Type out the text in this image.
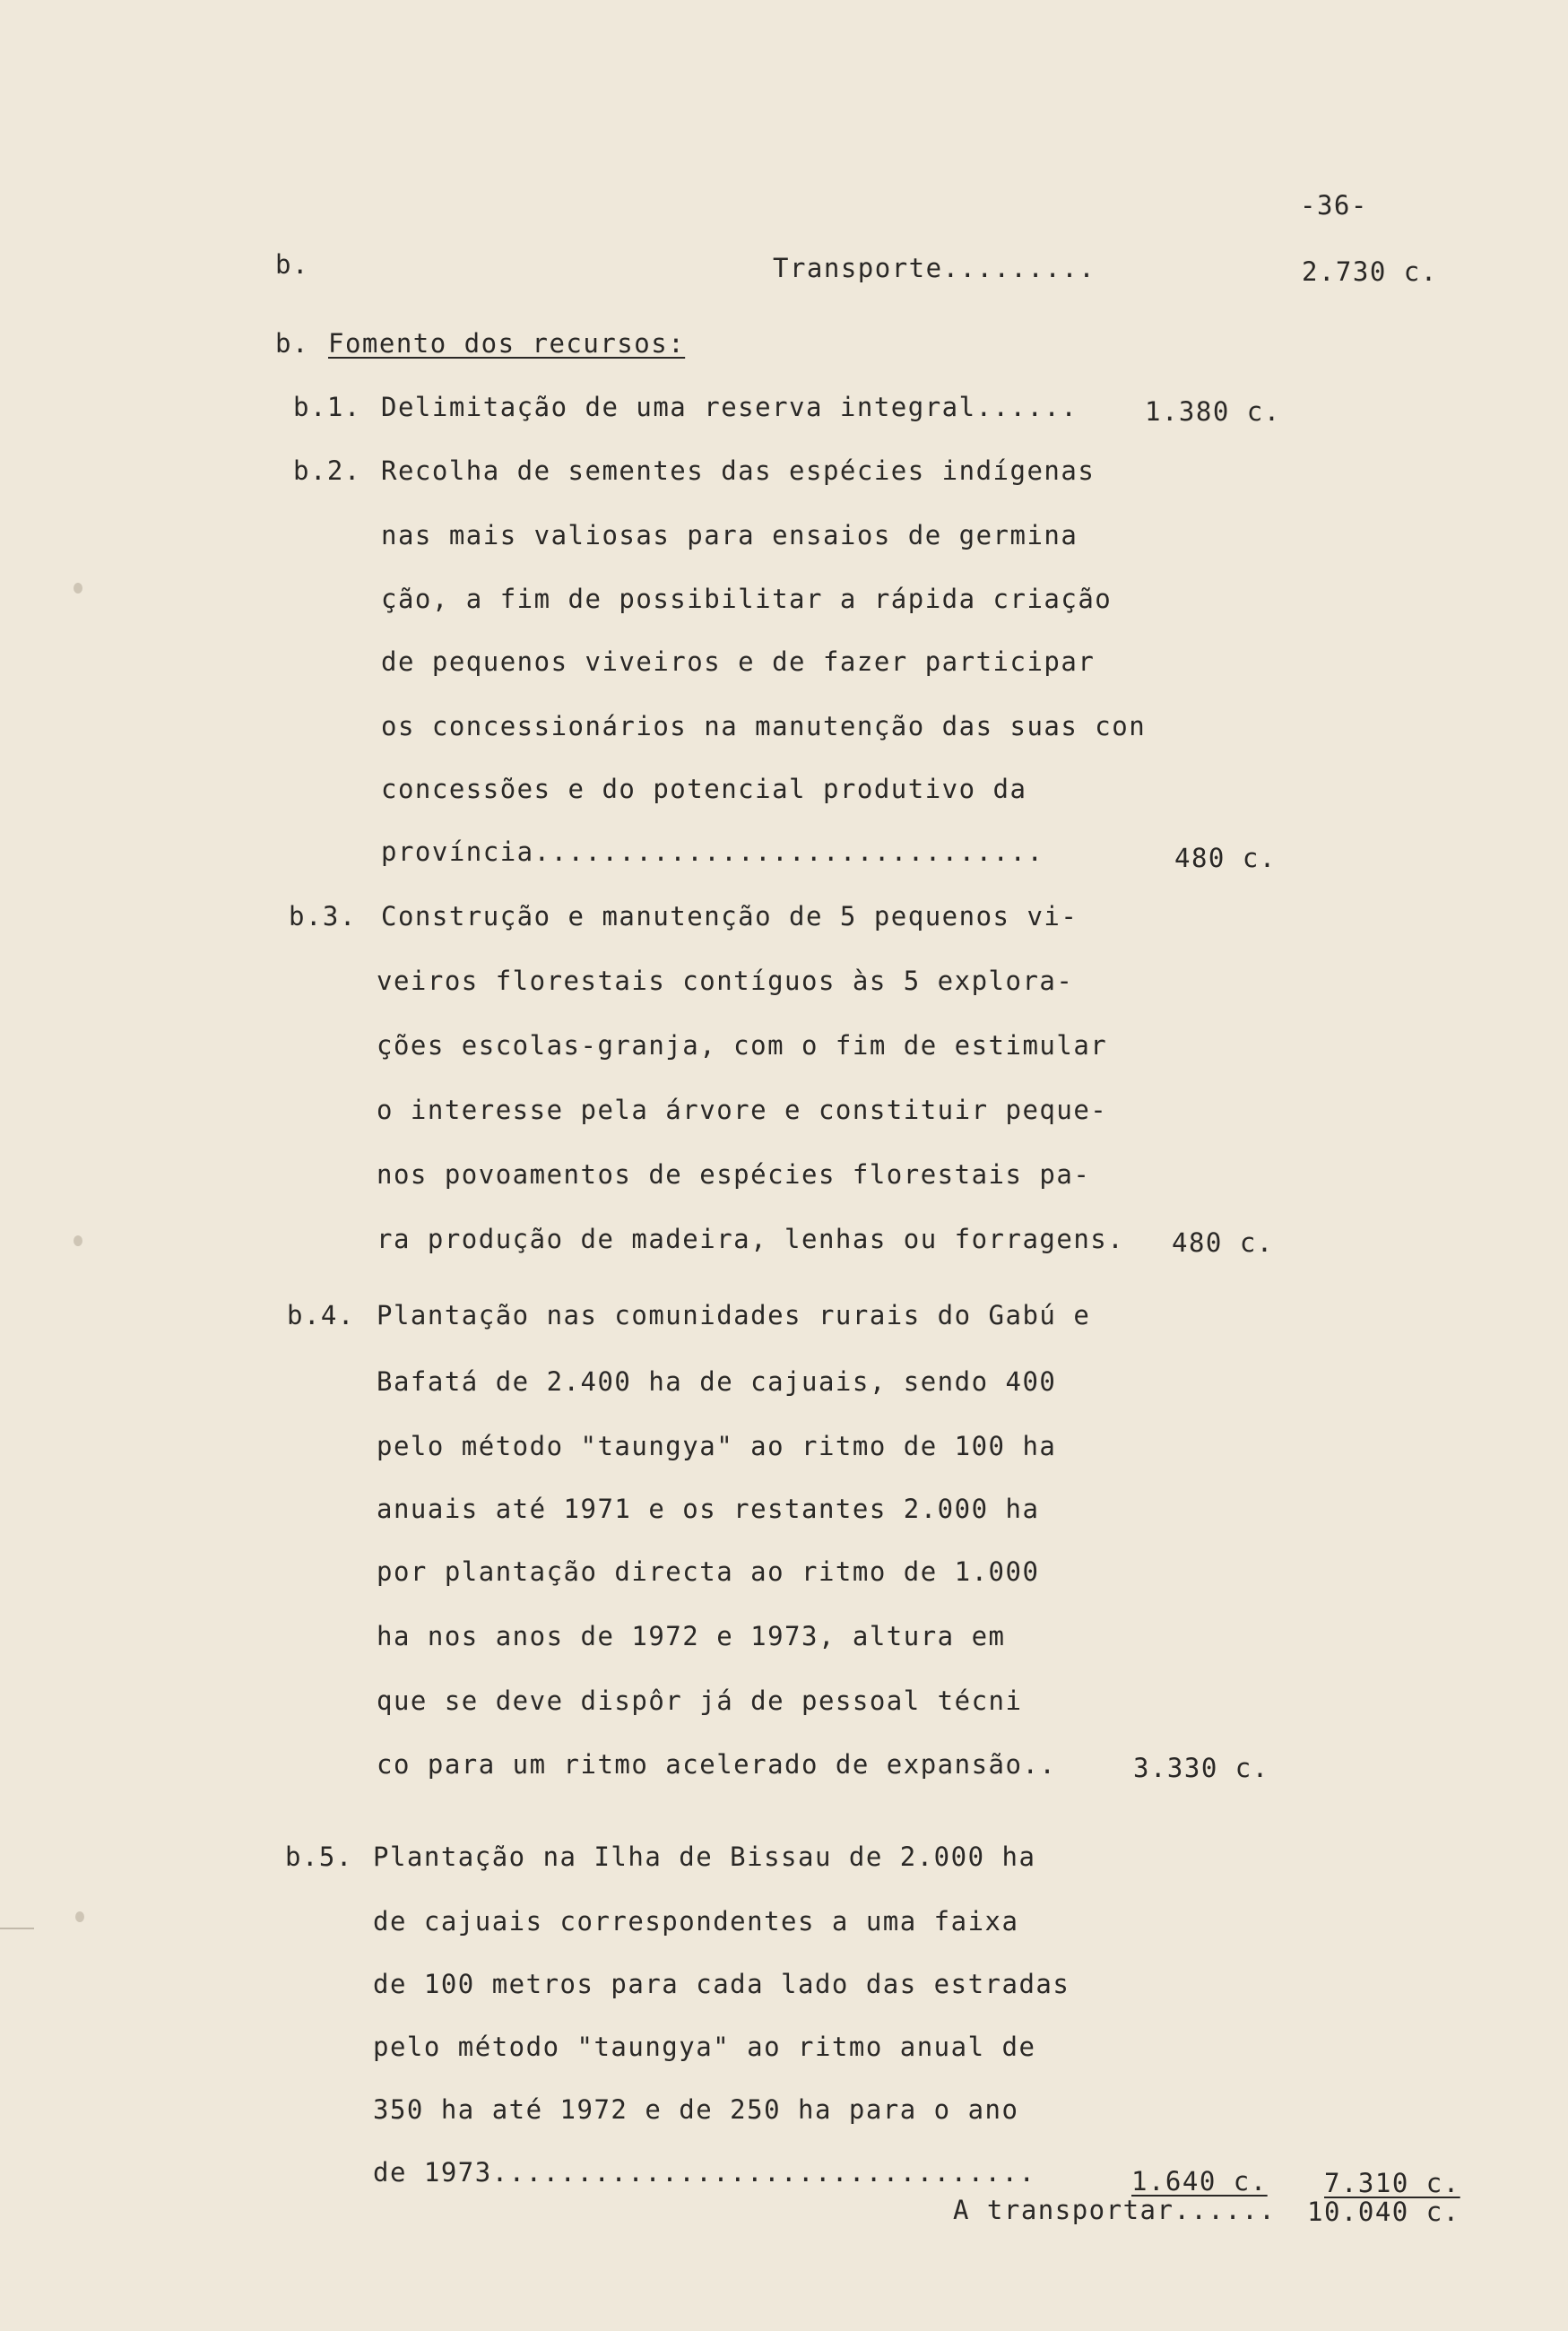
-36-
b.	Transporte.........	2.730 c.
b. Fomento dos recursos:
b.1. Delimitação de uma reserva integral......	1.380 c.
b.2. Recolha de sementes das espécies indígenas
nas mais valiosas para ensaios de germina
ção, a fim de possibilitar a rápida criação
de pequenos viveiros e de fazer participar
os concessionários na manutenção das suas con
concessões e do potencial produtivo da
província..............................	480 c.
b.3. Construção e manutenção de 5 pequenos vi-
veiros florestais contíguos às 5 explora-
ções escolas-granja, com o fim de estimular
o interesse pela árvore e constituir peque-
nos povoamentos de espécies florestais pa-
ra produção de madeira, lenhas ou forragens. 480 c.
b.4. Plantação nas comunidades rurais do Gabú e
Bafatá de 2.400 ha de cajuais, sendo 400
pelo método "taungya" ao ritmo de 100 ha
anuais até 1971 e os restantes 2.000 ha
por plantação directa ao ritmo de 1.000
ha nos anos de 1972 e 1973, altura em
que se deve dispôr já de pessoal técni
co para um ritmo acelerado de expansão..	3.330 c.
b.5. Plantação na Ilha de Bissau de 2.000 ha
de cajuais correspondentes a uma faixa
de 100 metros para cada lado das estradas
pelo método "taungya" ao ritmo anual de
350 ha até 1972 e de 250 ha para o ano
de 1973................................	1.640 c. 7.310 c.
A transportar...... 10.040 c.
